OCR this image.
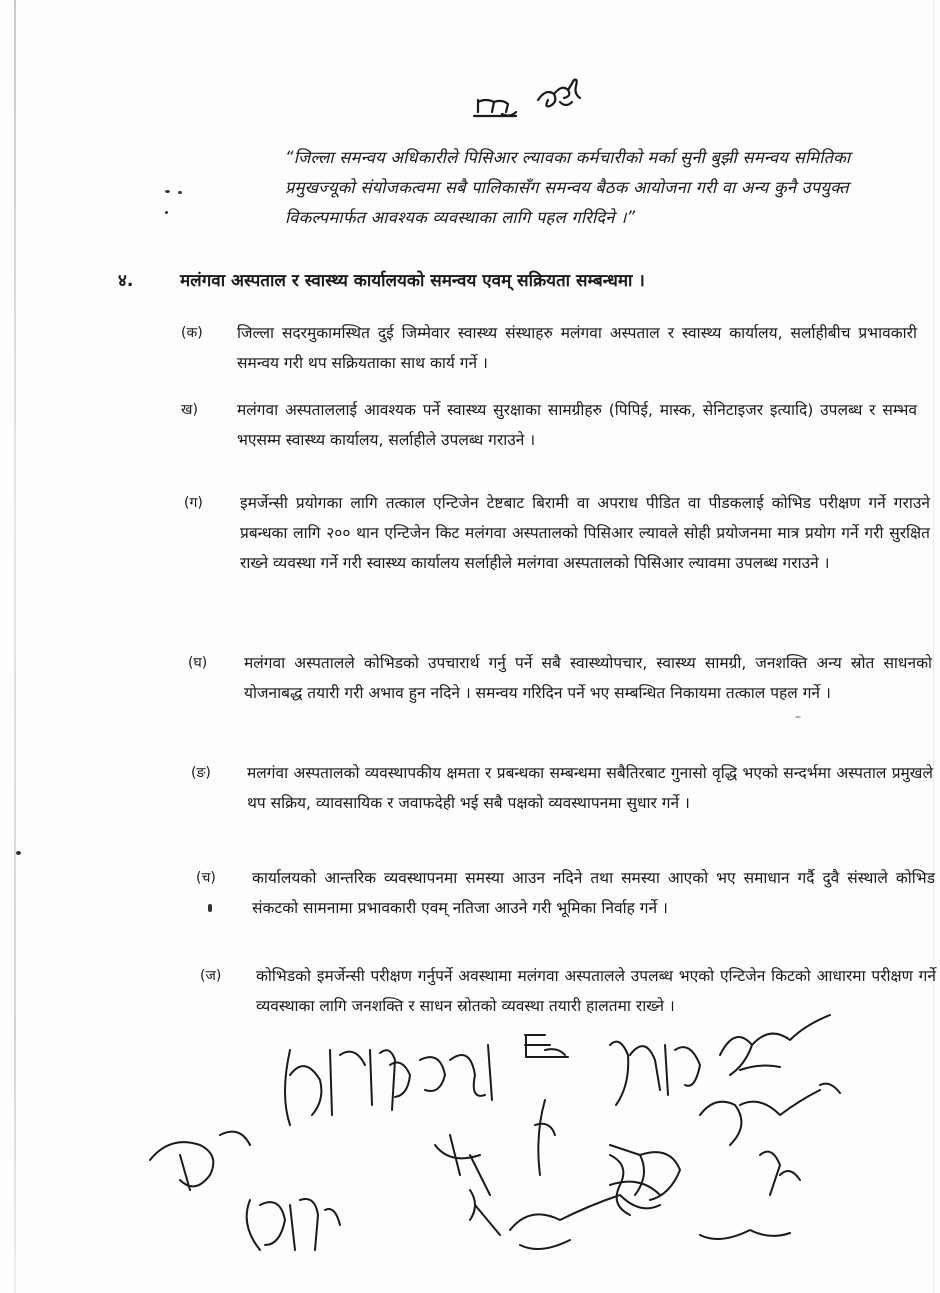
“जिल्ला समन्वय अधिकारीले पिसिआर ल्यावका कर्मचारीको मर्का सुनी बुझी समन्वय समितिका प्रमुखज्यूको संयोजकत्वमा सबै पालिकासँग समन्वय बैठक आयोजना गरी वा अन्य कुनै उपयुक्त विकल्पमार्फत आवश्यक व्यवस्थाका लागि पहल गरिदिने ।”
४.	मलंगवा अस्पताल र स्वास्थ्य कार्यालयको समन्वय एवम् सक्रियता सम्बन्धमा ।
(क) जिल्ला सदरमुकामस्थित दुई जिम्मेवार स्वास्थ्य संस्थाहरु मलंगवा अस्पताल र स्वास्थ्य कार्यालय, सर्लाहीबीच प्रभावकारी समन्वय गरी थप सक्रियताका साथ कार्य गर्ने ।
ख)	मलंगवा अस्पताललाई आवश्यक पर्ने स्वास्थ्य सुरक्षाका सामग्रीहरु (पिपिई, मास्क, सेनिटाइजर इत्यादि) उपलब्ध र सम्भव भएसम्म स्वास्थ्य कार्यालय, सर्लाहीले उपलब्ध गराउने ।
(ग) इमर्जेन्सी प्रयोगका लागि तत्काल एन्टिजेन टेष्टबाट बिरामी वा अपराध पीडित वा पीडकलाई कोभिड परीक्षण गर्ने गराउने प्रबन्धका लागि २०० थान एन्टिजेन किट मलंगवा अस्पतालको पिसिआर ल्यावले सोही प्रयोजनमा मात्र प्रयोग गर्ने गरी सुरक्षित राख्ने व्यवस्था गर्ने गरी स्वास्थ्य कार्यालय सर्लाहीले मलंगवा अस्पतालको पिसिआर ल्यावमा उपलब्ध गराउने ।
(घ) मलंगवा अस्पतालले कोभिडको उपचारार्थ गर्नु पर्ने सबै स्वास्थ्योपचार, स्वास्थ्य सामग्री, जनशक्ति अन्य स्रोत साधनको योजनाबद्ध तयारी गरी अभाव हुन नदिने । समन्वय गरिदिन पर्ने भए सम्बन्धित निकायमा तत्काल पहल गर्ने ।
(ङ) मलगंवा अस्पतालको व्यवस्थापकीय क्षमता र प्रबन्धका सम्बन्धमा सबैतिरबाट गुनासो वृद्धि भएको सन्दर्भमा अस्पताल प्रमुखले थप सक्रिय, व्यावसायिक र जवाफदेही भई सबै पक्षको व्यवस्थापनमा सुधार गर्ने ।
(च) कार्यालयको आन्तरिक व्यवस्थापनमा समस्या आउन नदिने तथा समस्या आएको भए समाधान गर्दै दुवै संस्थाले कोभिड संकटको सामनामा प्रभावकारी एवम् नतिजा आउने गरी भूमिका निर्वाह गर्ने ।
(ज) कोभिडको इमर्जेन्सी परीक्षण गर्नुपर्ने अवस्थामा मलंगवा अस्पतालले उपलब्ध भएको एन्टिजेन किटको आधारमा परीक्षण गर्ने व्यवस्थाका लागि जनशक्ति र साधन स्रोतको व्यवस्था तयारी हालतमा राख्ने ।
